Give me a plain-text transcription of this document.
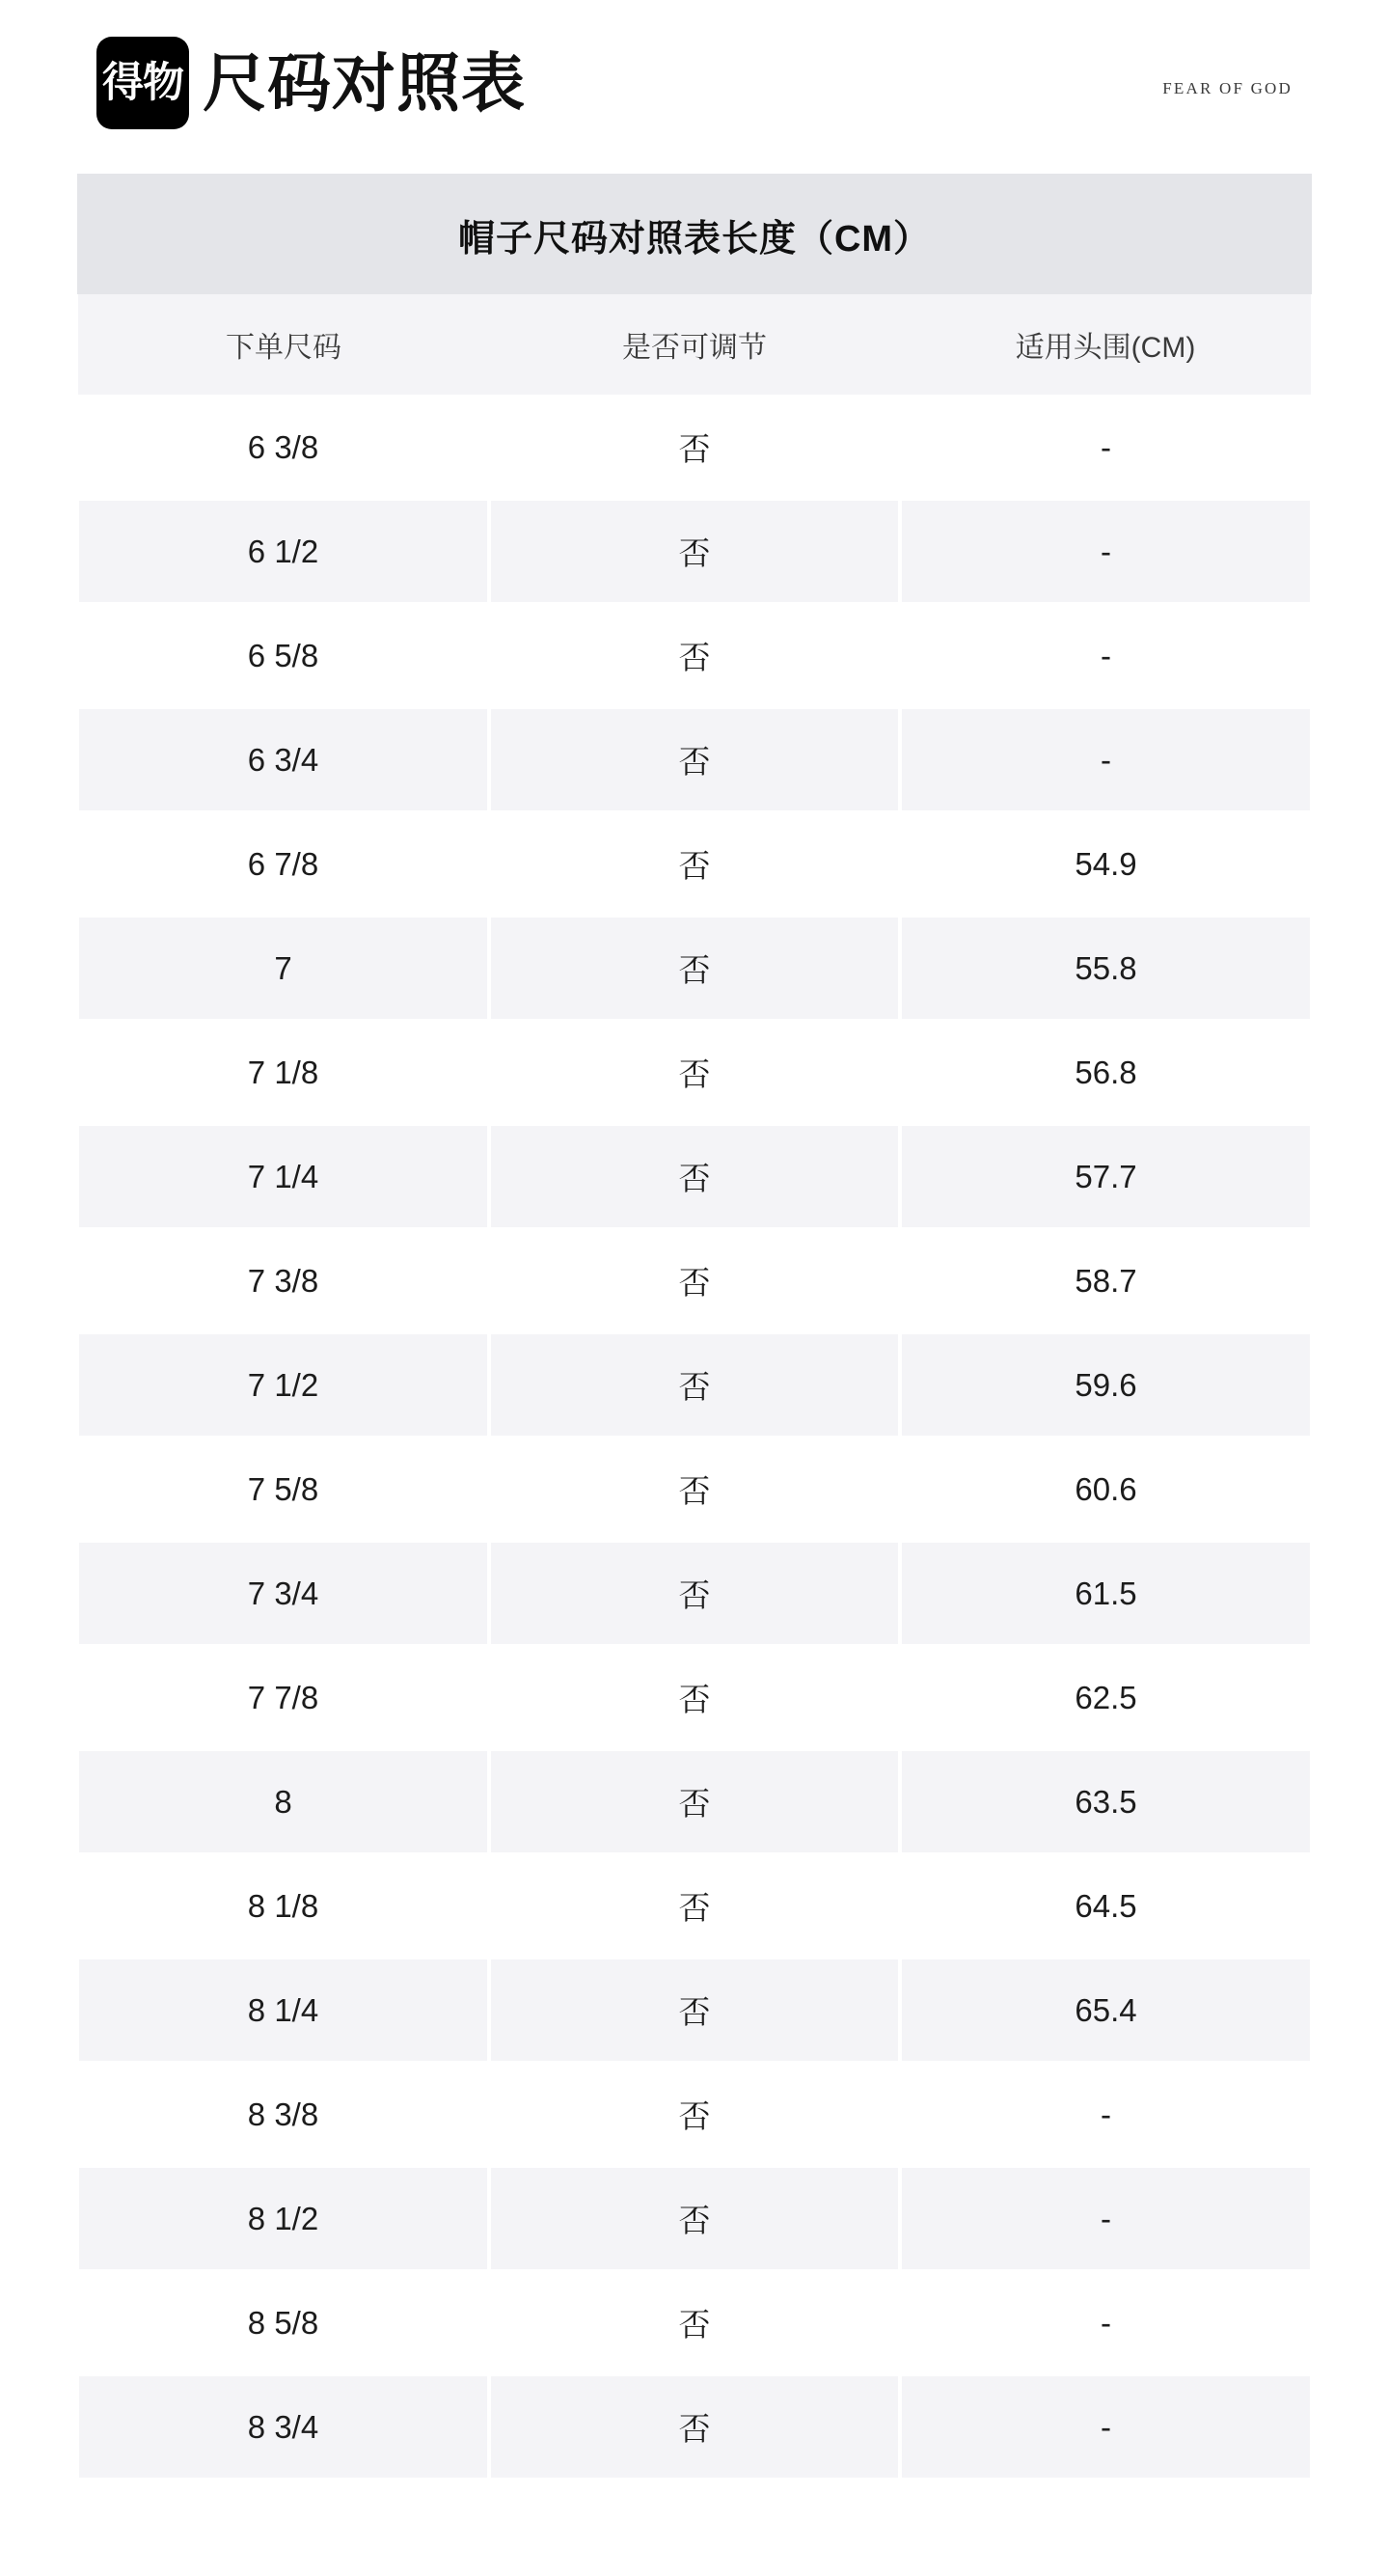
得物 尺码对照表	FEAR OF GOD
帽子尺码对照表长度（CM）
下单尺码	是否可调节	适用头围(CM)
6 3/8	否	-
6 1/2	否	-
6 5/8	否	-
6 3/4	否	-
6 7/8	否	54.9
7	否	55.8
7 1/8	否	56.8
7 1/4	否	57.7
7 3/8	否	58.7
7 1/2	否	59.6
7 5/8	否	60.6
7 3/4	否	61.5
7 7/8	否	62.5
8	否	63.5
8 1/8	否	64.5
8 1/4	否	65.4
8 3/8	否	-
8 1/2	否	-
8 5/8	否	-
8 3/4	否	-
